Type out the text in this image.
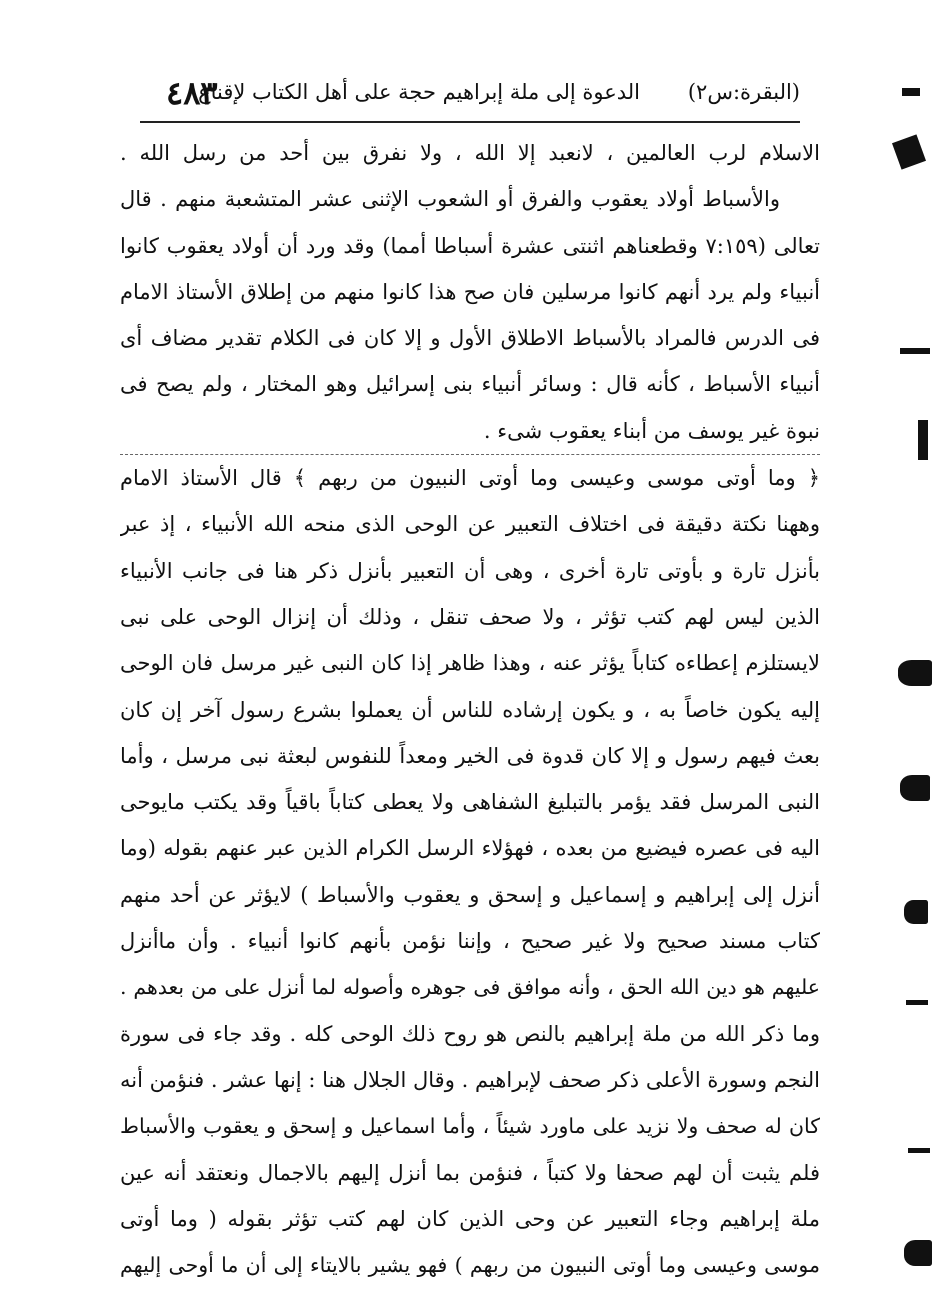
(البقرة:س٢)
الدعوة إلى ملة إبراهيم حجة على أهل الكتاب لإقناع
٤٨٣
الاسلام لرب العالمين ، لانعبد إلا الله ، ولا نفرق بين أحد من رسل الله .
والأسباط أولاد يعقوب والفرق أو الشعوب الإثنى عشر المتشعبة منهم . قال
تعالى (٧:١٥٩ وقطعناهم اثنتى عشرة أسباطا أمما) وقد ورد أن أولاد يعقوب كانوا
أنبياء ولم يرد أنهم كانوا مرسلين فان صح هذا كانوا منهم من إطلاق الأستاذ الامام
فى الدرس فالمراد بالأسباط الاطلاق الأول و إلا كان فى الكلام تقدير مضاف أى
أنبياء الأسباط ، كأنه قال : وسائر أنبياء بنى إسرائيل وهو المختار ، ولم يصح فى
نبوة غير يوسف من أبناء يعقوب شىء .
﴿ وما أوتى موسى وعيسى وما أوتى النبيون من ربهم ﴾ قال الأستاذ الامام
وههنا نكتة دقيقة فى اختلاف التعبير عن الوحى الذى منحه الله الأنبياء ، إذ عبر
بأنزل تارة و بأوتى تارة أخرى ، وهى أن التعبير بأنزل ذكر هنا فى جانب الأنبياء
الذين ليس لهم كتب تؤثر ، ولا صحف تنقل ، وذلك أن إنزال الوحى على نبى
لايستلزم إعطاءه كتاباً يؤثر عنه ، وهذا ظاهر إذا كان النبى غير مرسل فان الوحى
إليه يكون خاصاً به ، و يكون إرشاده للناس أن يعملوا بشرع رسول آخر إن كان
بعث فيهم رسول و إلا كان قدوة فى الخير ومعداً للنفوس لبعثة نبى مرسل ، وأما
النبى المرسل فقد يؤمر بالتبليغ الشفاهى ولا يعطى كتاباً باقياً وقد يكتب مايوحى
اليه فى عصره فيضيع من بعده ، فهؤلاء الرسل الكرام الذين عبر عنهم بقوله (وما
أنزل إلى إبراهيم و إسماعيل و إسحق و يعقوب والأسباط ) لايؤثر عن أحد منهم
كتاب مسند صحيح ولا غير صحيح ، وإننا نؤمن بأنهم كانوا أنبياء . وأن ماأنزل
عليهم هو دين الله الحق ، وأنه موافق فى جوهره وأصوله لما أنزل على من بعدهم .
وما ذكر الله من ملة إبراهيم بالنص هو روح ذلك الوحى كله . وقد جاء فى سورة
النجم وسورة الأعلى ذكر صحف لإبراهيم . وقال الجلال هنا : إنها عشر . فنؤمن أنه
كان له صحف ولا نزيد على ماورد شيئاً ، وأما اسماعيل و إسحق و يعقوب والأسباط
فلم يثبت أن لهم صحفا ولا كتباً ، فنؤمن بما أنزل إليهم بالاجمال ونعتقد أنه عين
ملة إبراهيم وجاء التعبير عن وحى الذين كان لهم كتب تؤثر بقوله ( وما أوتى
موسى وعيسى وما أوتى النبيون من ربهم ) فهو يشير بالايتاء إلى أن ما أوحى إليهم
